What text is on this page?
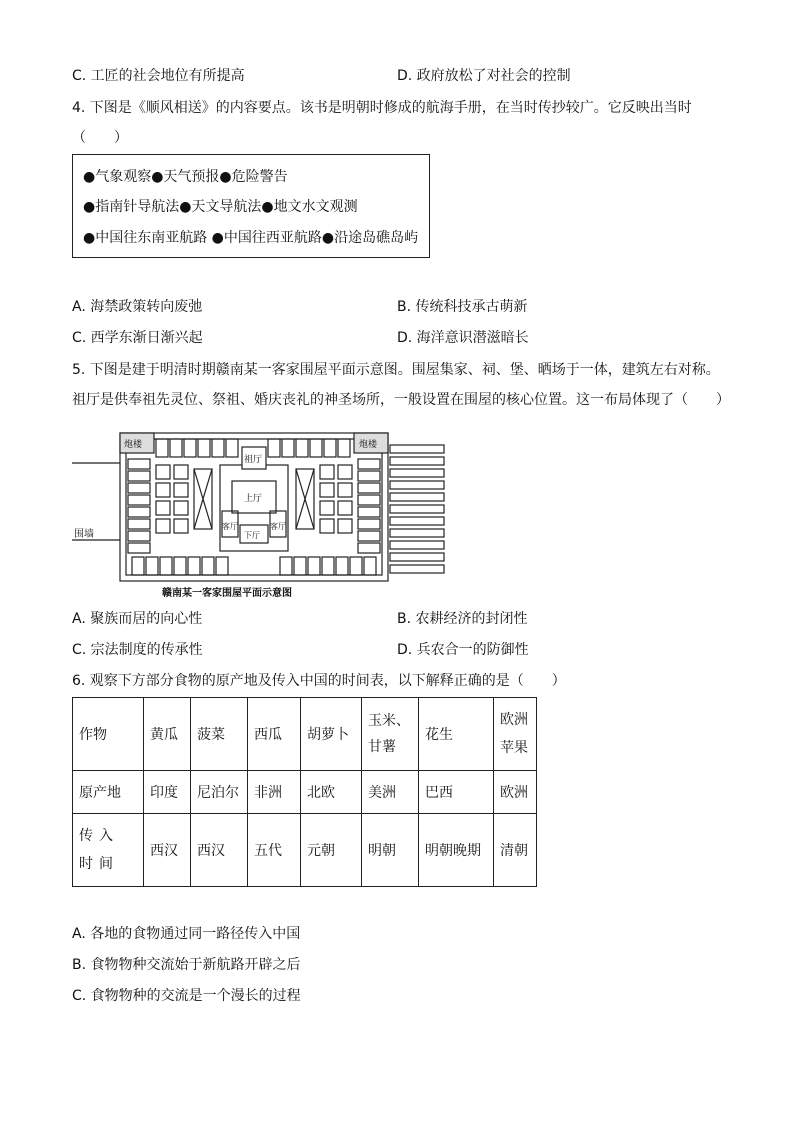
C. 工匠的社会地位有所提高	D. 政府放松了对社会的控制
4. 下图是《顺风相送》的内容要点。该书是明朝时修成的航海手册，在当时传抄较广。它反映出当时
（　　）
●气象观察●天气预报●危险警告
●指南针导航法●天文导航法●地文水文观测
●中国往东南亚航路 ●中国往西亚航路●沿途岛礁岛屿
A. 海禁政策转向废弛	B. 传统科技承古萌新
C. 西学东渐日渐兴起	D. 海洋意识潜滋暗长
5. 下图是建于明清时期赣南某一客家围屋平面示意图。围屋集家、祠、堡、晒场于一体，建筑左右对称。
祖厅是供奉祖先灵位、祭祖、婚庆丧礼的神圣场所，一般设置在围屋的核心位置。这一布局体现了（　　）
炮楼	炮楼
祖厅
上厅
客厅	客厅
下厅
围墙
赣南某一客家围屋平面示意图
A. 聚族而居的向心性	B. 农耕经济的封闭性
C. 宗法制度的传承性	D. 兵农合一的防御性
6. 观察下方部分食物的原产地及传入中国的时间表，以下解释正确的是（　　）
作物	黄瓜	菠菜	西瓜	胡萝卜	玉米、甘薯	花生	欧洲苹果

原产地	印度	尼泊尔	非洲	北欧	美洲	巴西	欧洲

传入时间	西汉	西汉	五代	元朝	明朝	明朝晚期	清朝
A. 各地的食物通过同一路径传入中国
B. 食物物种交流始于新航路开辟之后
C. 食物物种的交流是一个漫长的过程
